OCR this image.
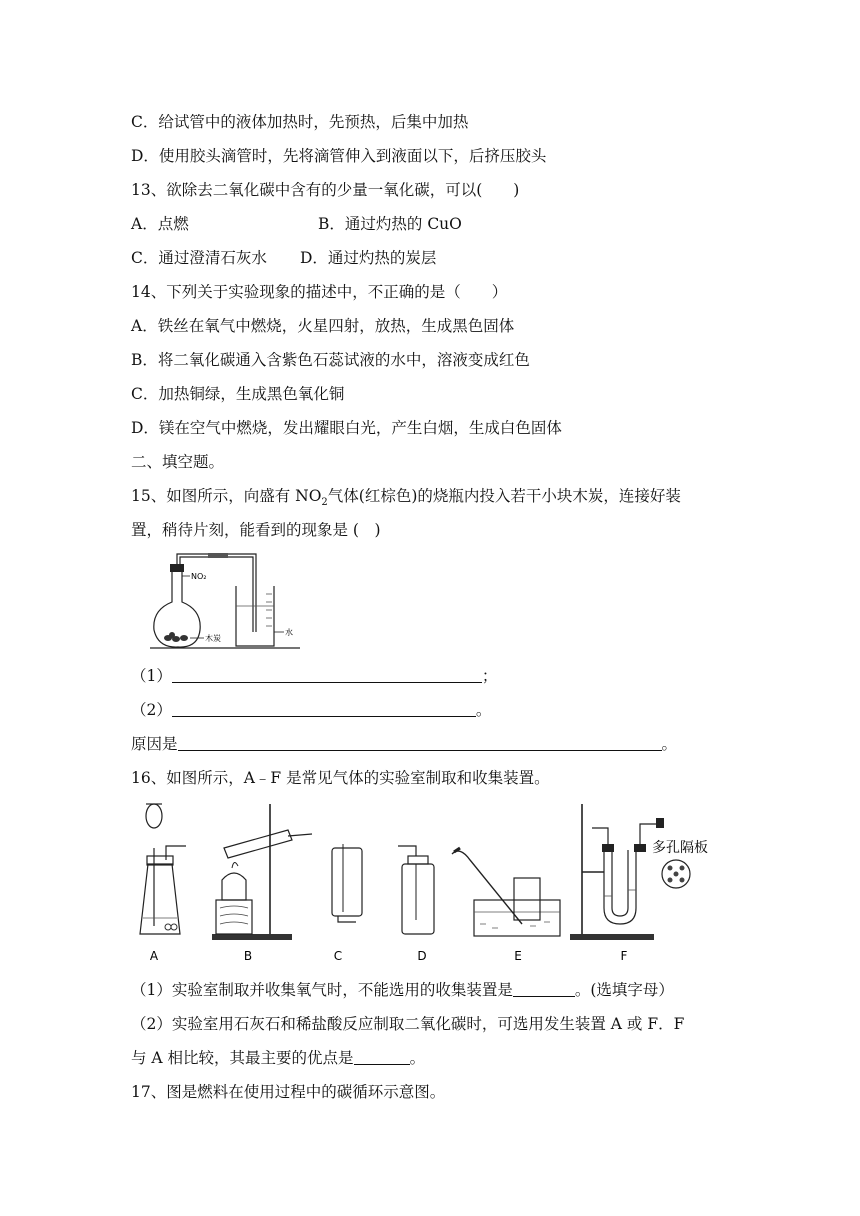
C．给试管中的液体加热时，先预热，后集中加热
D．使用胶头滴管时，先将滴管伸入到液面以下，后挤压胶头
13、欲除去二氧化碳中含有的少量一氧化碳，可以(　　)
A．点燃	B．通过灼热的 CuO
C．通过澄清石灰水 D．通过灼热的炭层
14、下列关于实验现象的描述中，不正确的是（　　）
A．铁丝在氧气中燃烧，火星四射，放热，生成黑色固体
B．将二氧化碳通入含紫色石蕊试液的水中，溶液变成红色
C．加热铜绿，生成黑色氧化铜
D．镁在空气中燃烧，发出耀眼白光，产生白烟，生成白色固体
二、填空题。
15、如图所示，向盛有 $NO_2$气体(红棕色)的烧瓶内投入若干小块木炭，连接好装
置，稍待片刻，能看到的现象是 (　)
NO₂
木炭
水
（1）	；
（2）	。
原因是	。
16、如图所示，A﹣F 是常见气体的实验室制取和收集装置。
多孔隔板
A	B	C	D	E	F
（1）实验室制取并收集氧气时，不能选用的收集装置是	。(选填字母）
（2）实验室用石灰石和稀盐酸反应制取二氧化碳时，可选用发生装置 A 或 F．F
与 A 相比较，其最主要的优点是	。
17、图是燃料在使用过程中的碳循环示意图。
